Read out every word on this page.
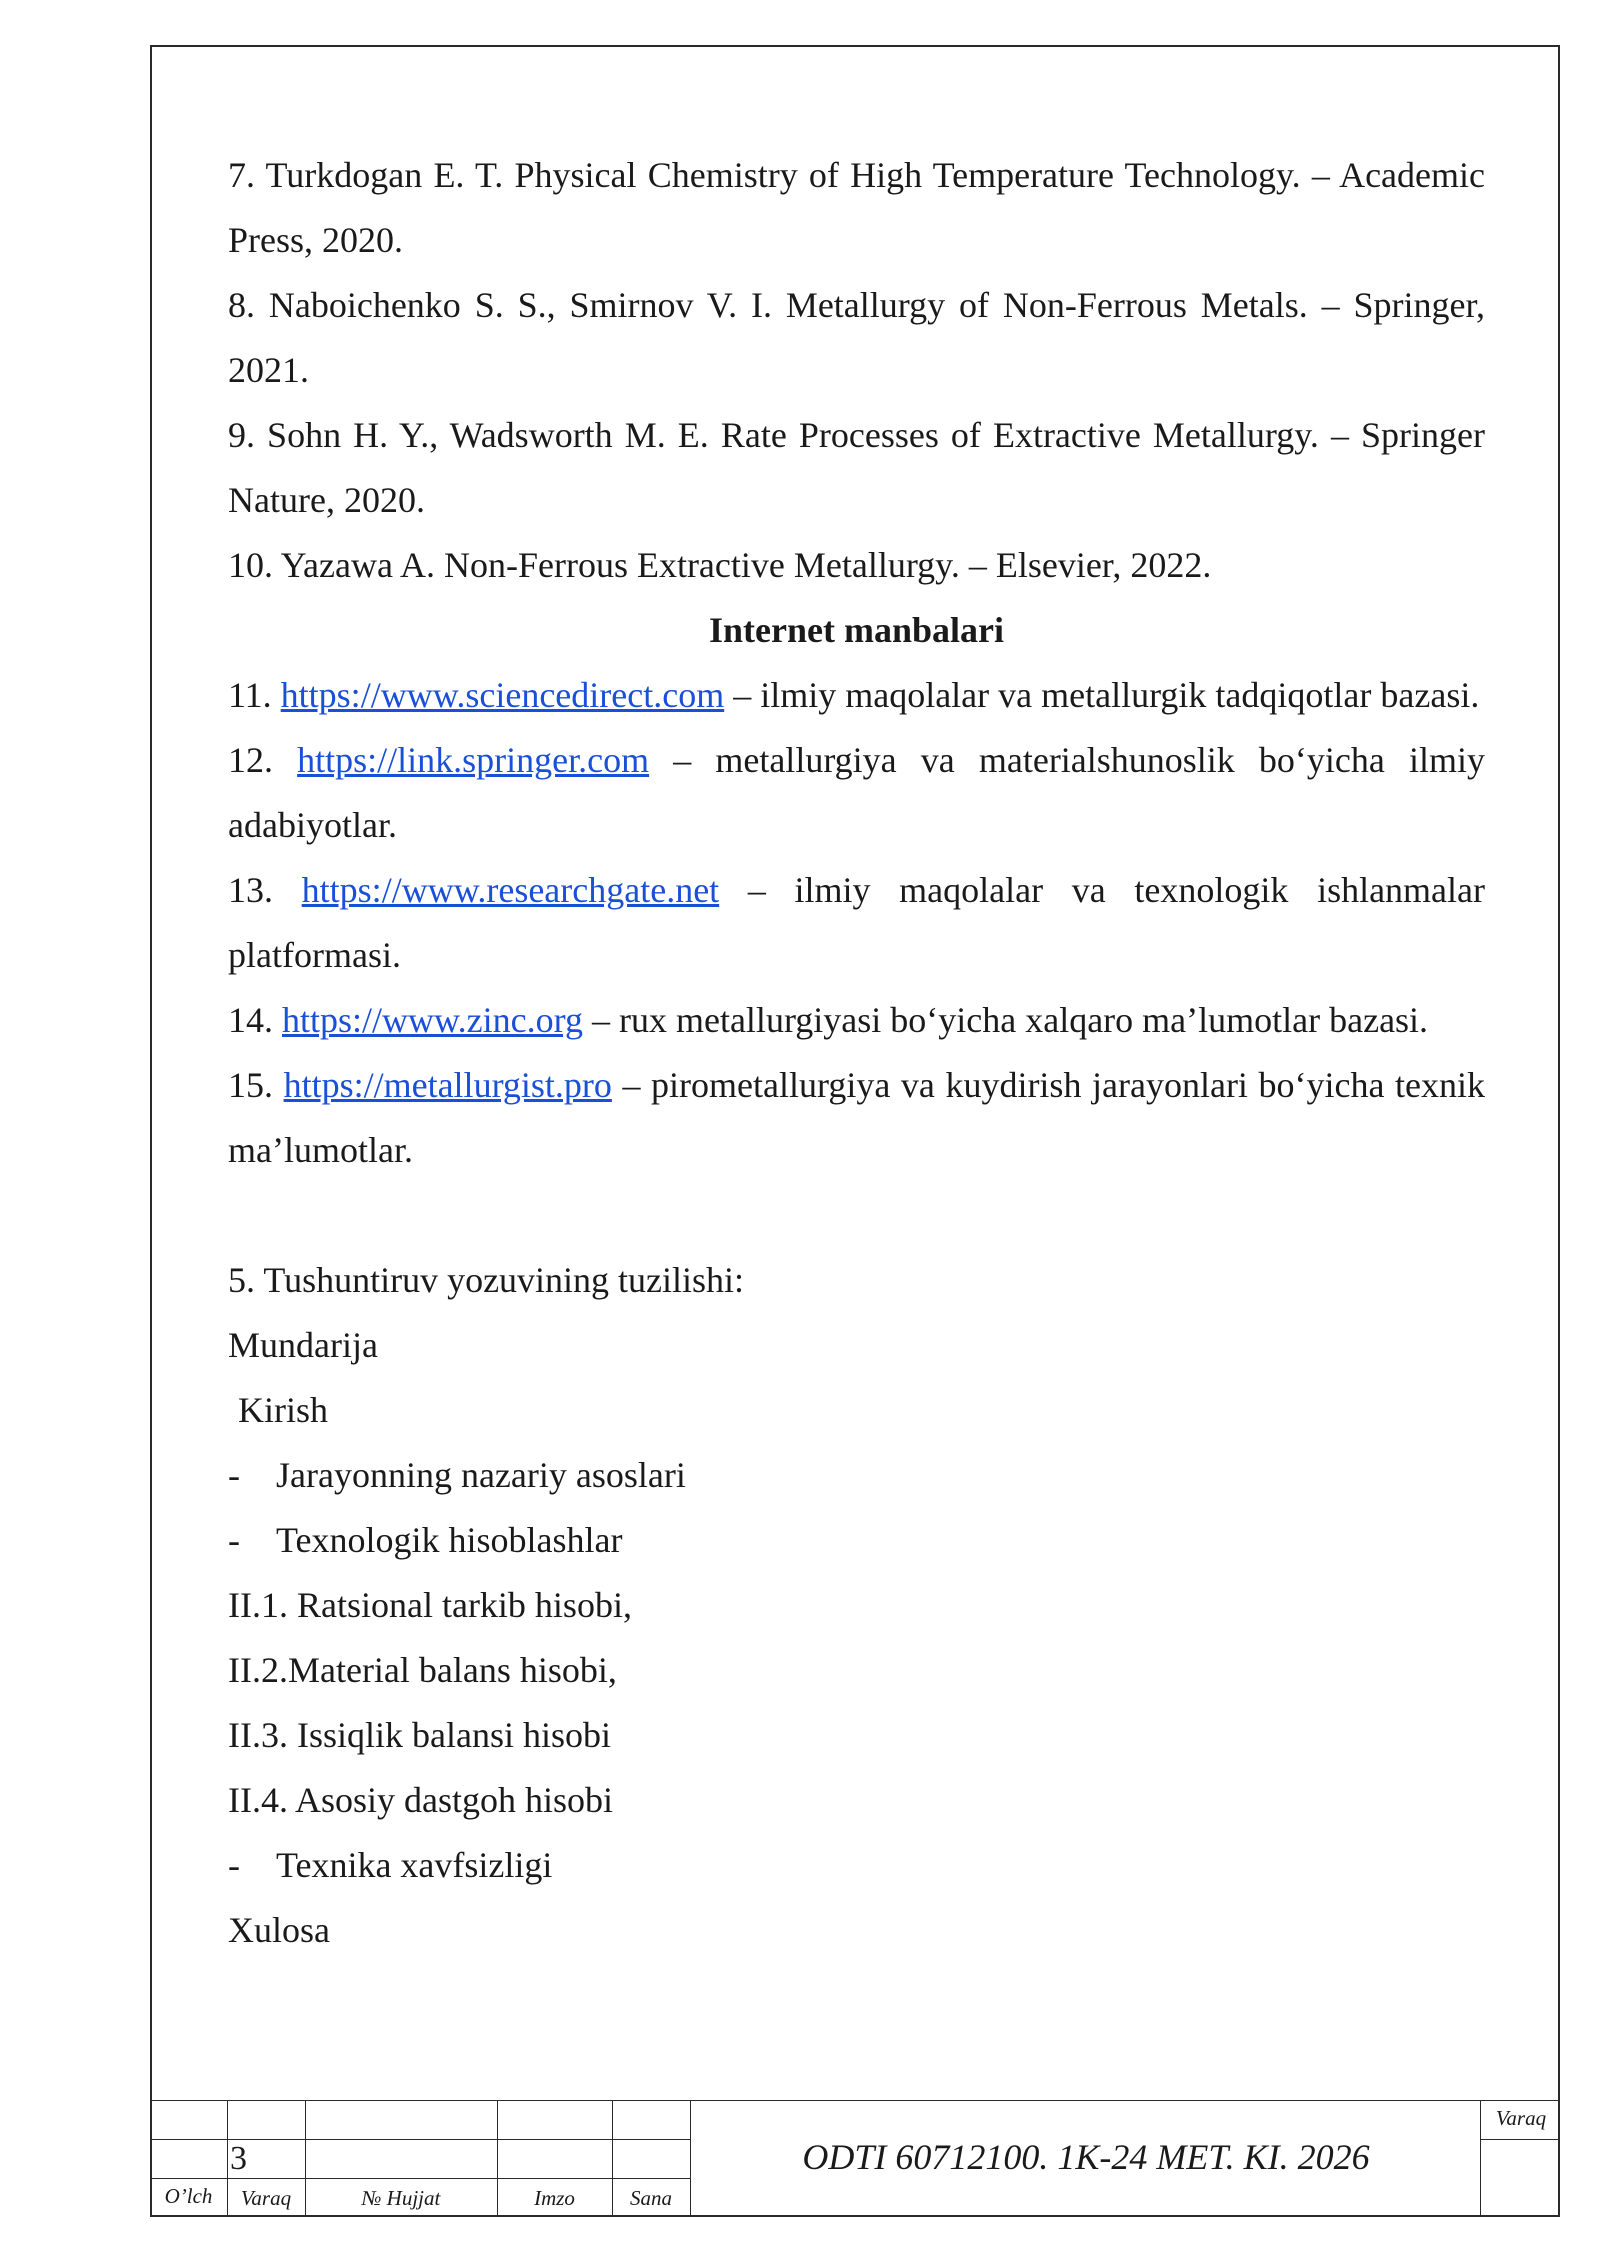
7. Turkdogan E. T. Physical Chemistry of High Temperature Technology. – Academic Press, 2020.

8. Naboichenko S. S., Smirnov V. I. Metallurgy of Non-Ferrous Metals. – Springer, 2021.

9. Sohn H. Y., Wadsworth M. E. Rate Processes of Extractive Metallurgy. – Springer Nature, 2020.

10. Yazawa A. Non-Ferrous Extractive Metallurgy. – Elsevier, 2022.

Internet manbalari

11. https://www.sciencedirect.com – ilmiy maqolalar va metallurgik tadqiqotlar bazasi.

12. https://link.springer.com – metallurgiya va materialshunoslik bo‘yicha ilmiy adabiyotlar.

13. https://www.researchgate.net – ilmiy maqolalar va texnologik ishlanmalar platformasi.

14. https://www.zinc.org – rux metallurgiyasi bo‘yicha xalqaro ma’lumotlar bazasi.

15. https://metallurgist.pro – pirometallurgiya va kuydirish jarayonlari bo‘yicha texnik ma’lumotlar.

5. Tushuntiruv yozuvining tuzilishi:

Mundarija

Kirish

- Jarayonning nazariy asoslari

- Texnologik hisoblashlar

II.1. Ratsional tarkib hisobi,

II.2.Material balans hisobi,

II.3. Issiqlik balansi hisobi

II.4. Asosiy dastgoh hisobi

- Texnika xavfsizligi

Xulosa

Varaq
3	ODTI 60712100. 1K-24 MET. KI. 2026
O’lch	Varaq	№ Hujjat	Imzo	Sana
